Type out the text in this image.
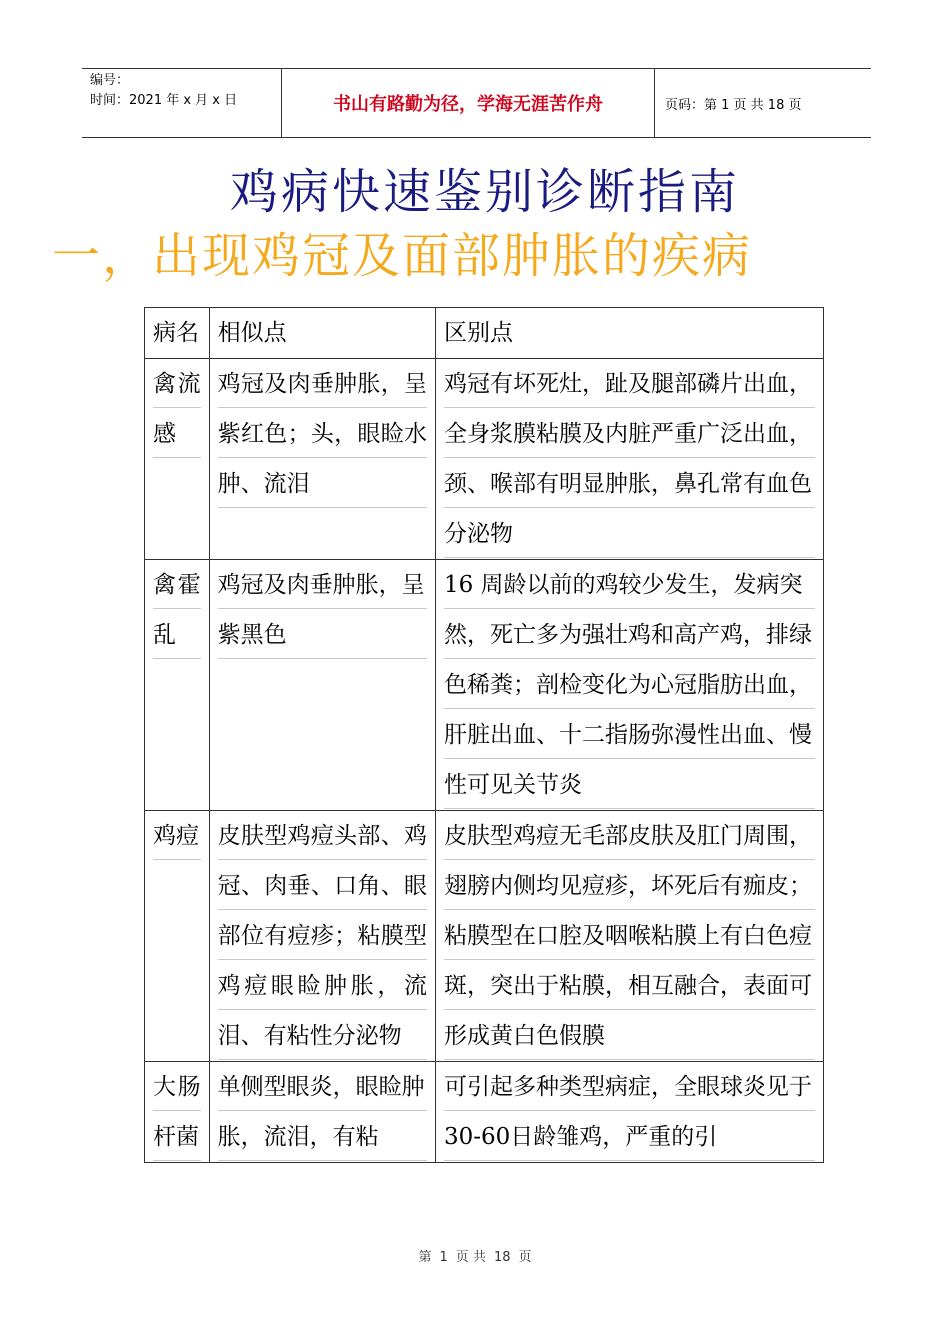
编号：
时间：2021 年 x 月 x 日	书山有路勤为径，学海无涯苦作舟	页码：第 1 页 共 18 页
鸡病快速鉴别诊断指南
一，出现鸡冠及面部肿胀的疾病
病名	相似点	区别点

禽流感	鸡冠及肉垂肿胀，呈紫红色；头，眼睑水肿、流泪	鸡冠有坏死灶，趾及腿部磷片出血，全身浆膜粘膜及内脏严重广泛出血，颈、喉部有明显肿胀，鼻孔常有血色分泌物

禽霍乱	鸡冠及肉垂肿胀，呈紫黑色	16 周龄以前的鸡较少发生，发病突然，死亡多为强壮鸡和高产鸡，排绿色稀粪；剖检变化为心冠脂肪出血，肝脏出血、十二指肠弥漫性出血、慢性可见关节炎

鸡痘	皮肤型鸡痘头部、鸡冠、肉垂、口角、眼部位有痘疹；粘膜型鸡痘眼睑肿胀，流泪、有粘性分泌物	皮肤型鸡痘无毛部皮肤及肛门周围，翅膀内侧均见痘疹，坏死后有痂皮；粘膜型在口腔及咽喉粘膜上有白色痘斑，突出于粘膜，相互融合，表面可形成黄白色假膜

大肠杆菌	单侧型眼炎，眼睑肿胀，流泪，有粘	可引起多种类型病症，全眼球炎见于30-60日龄雏鸡，严重的引
第 1 页 共 18 页
